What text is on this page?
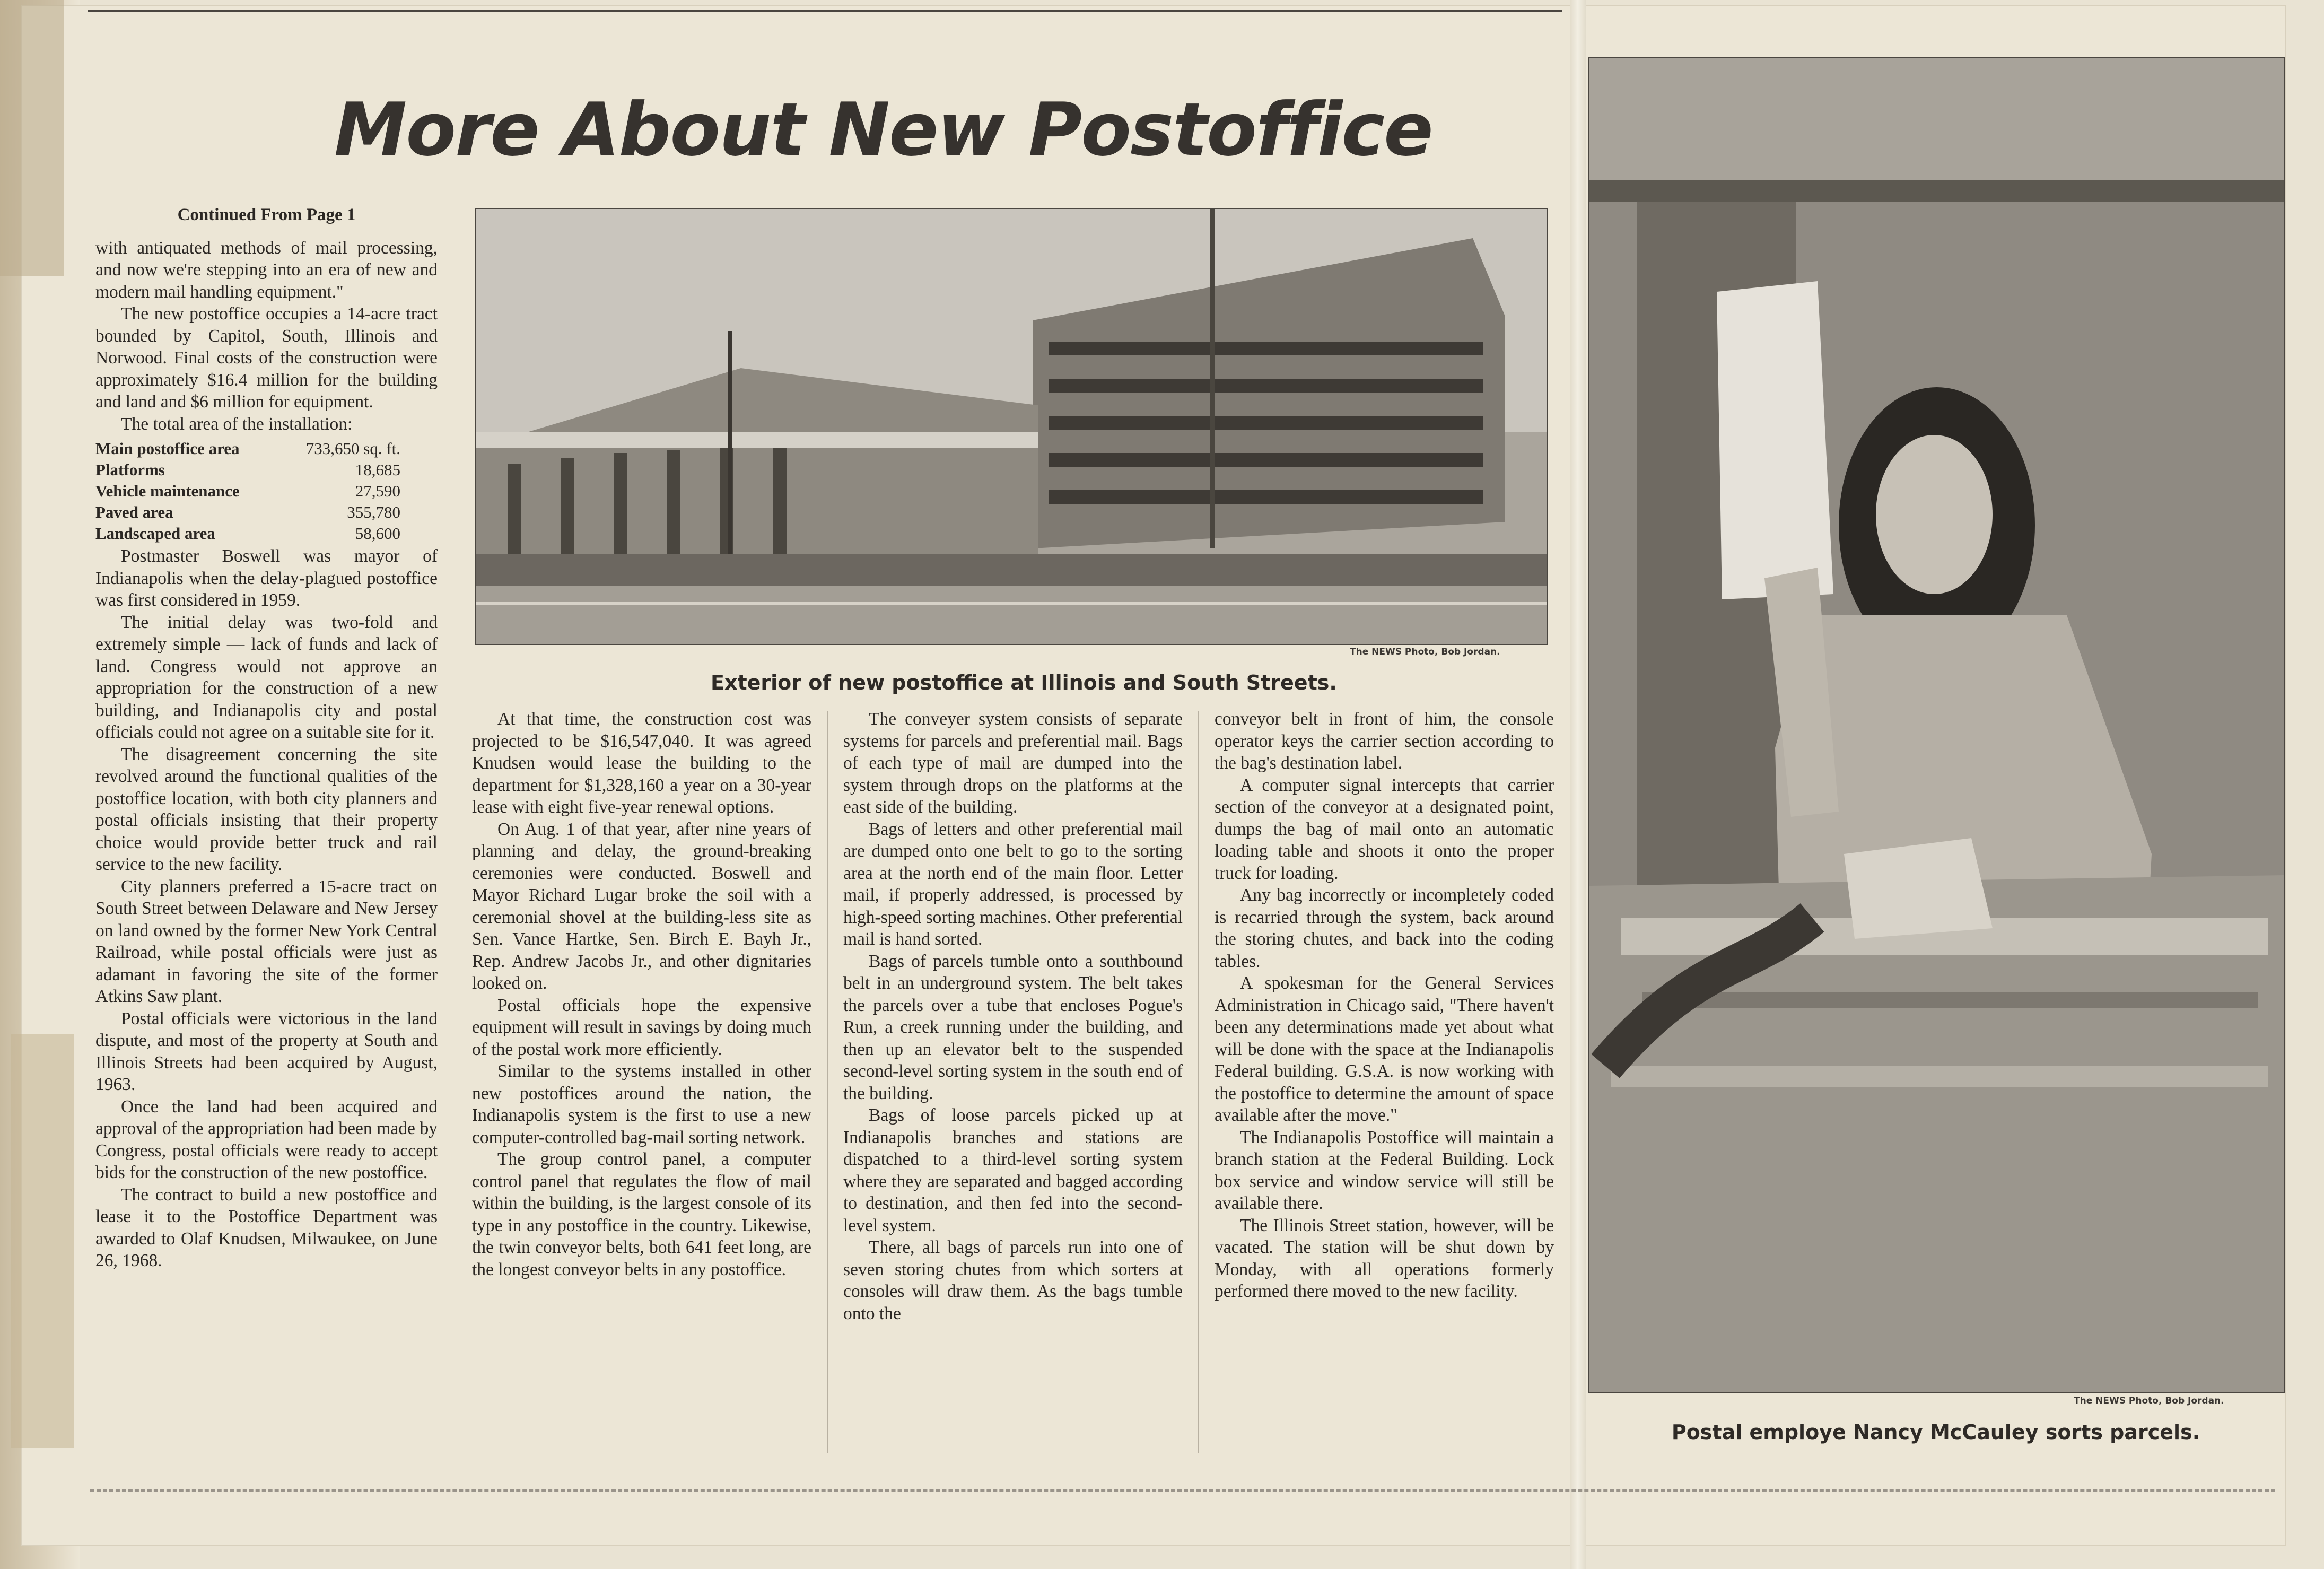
More About New Postoffice

Continued From Page 1

with antiquated methods of mail processing, and now we're stepping into an era of new and modern mail handling equipment."

The new postoffice occupies a 14-acre tract bounded by Capitol, South, Illinois and Norwood. Final costs of the construction were approximately $16.4 million for the building and land and $6 million for equipment.

The total area of the installation:

Main postoffice area	733,650 sq. ft.
Platforms	18,685
Vehicle maintenance	27,590
Paved area	355,780
Landscaped area	58,600

Postmaster Boswell was mayor of Indianapolis when the delay-plagued postoffice was first considered in 1959.

The initial delay was two-fold and extremely simple — lack of funds and lack of land. Congress would not approve an appropriation for the construction of a new building, and Indianapolis city and postal officials could not agree on a suitable site for it.

The disagreement concerning the site revolved around the functional qualities of the postoffice location, with both city planners and postal officials insisting that their property choice would provide better truck and rail service to the new facility.

City planners preferred a 15-acre tract on South Street between Delaware and New Jersey on land owned by the former New York Central Railroad, while postal officials were just as adamant in favoring the site of the former Atkins Saw plant.

Postal officials were victorious in the land dispute, and most of the property at South and Illinois Streets had been acquired by August, 1963.

Once the land had been acquired and approval of the appropriation had been made by Congress, postal officials were ready to accept bids for the construction of the new postoffice.

The contract to build a new postoffice and lease it to the Postoffice Department was awarded to Olaf Knudsen, Milwaukee, on June 26, 1968.

The NEWS Photo, Bob Jordan.
Exterior of new postoffice at Illinois and South Streets.

At that time, the construction cost was projected to be $16,547,040. It was agreed Knudsen would lease the building to the department for $1,328,160 a year on a 30-year lease with eight five-year renewal options.

On Aug. 1 of that year, after nine years of planning and delay, the ground-breaking ceremonies were conducted. Boswell and Mayor Richard Lugar broke the soil with a ceremonial shovel at the building-less site as Sen. Vance Hartke, Sen. Birch E. Bayh Jr., Rep. Andrew Jacobs Jr., and other dignitaries looked on.

Postal officials hope the expensive equipment will result in savings by doing much of the postal work more efficiently.

Similar to the systems installed in other new postoffices around the nation, the Indianapolis system is the first to use a new computer-controlled bag-mail sorting network.

The group control panel, a computer control panel that regulates the flow of mail within the building, is the largest console of its type in any postoffice in the country. Likewise, the twin conveyor belts, both 641 feet long, are the longest conveyor belts in any postoffice.

The conveyer system consists of separate systems for parcels and preferential mail. Bags of each type of mail are dumped into the system through drops on the platforms at the east side of the building.

Bags of letters and other preferential mail are dumped onto one belt to go to the sorting area at the north end of the main floor. Letter mail, if properly addressed, is processed by high-speed sorting machines. Other preferential mail is hand sorted.

Bags of parcels tumble onto a southbound belt in an underground system. The belt takes the parcels over a tube that encloses Pogue's Run, a creek running under the building, and then up an elevator belt to the suspended second-level sorting system in the south end of the building.

Bags of loose parcels picked up at Indianapolis branches and stations are dispatched to a third-level sorting system where they are separated and bagged according to destination, and then fed into the second-level system.

There, all bags of parcels run into one of seven storing chutes from which sorters at consoles will draw them. As the bags tumble onto the

conveyor belt in front of him, the console operator keys the carrier section according to the bag's destination label.

A computer signal intercepts that carrier section of the conveyor at a designated point, dumps the bag of mail onto an automatic loading table and shoots it onto the proper truck for loading.

Any bag incorrectly or incompletely coded is recarried through the system, back around the storing chutes, and back into the coding tables.

A spokesman for the General Services Administration in Chicago said, "There haven't been any determinations made yet about what will be done with the space at the Indianapolis Federal building. G.S.A. is now working with the postoffice to determine the amount of space available after the move."

The Indianapolis Postoffice will maintain a branch station at the Federal Building. Lock box service and window service will still be available there.

The Illinois Street station, however, will be vacated. The station will be shut down by Monday, with all operations formerly performed there moved to the new facility.

The NEWS Photo, Bob Jordan.
Postal employe Nancy McCauley sorts parcels.
